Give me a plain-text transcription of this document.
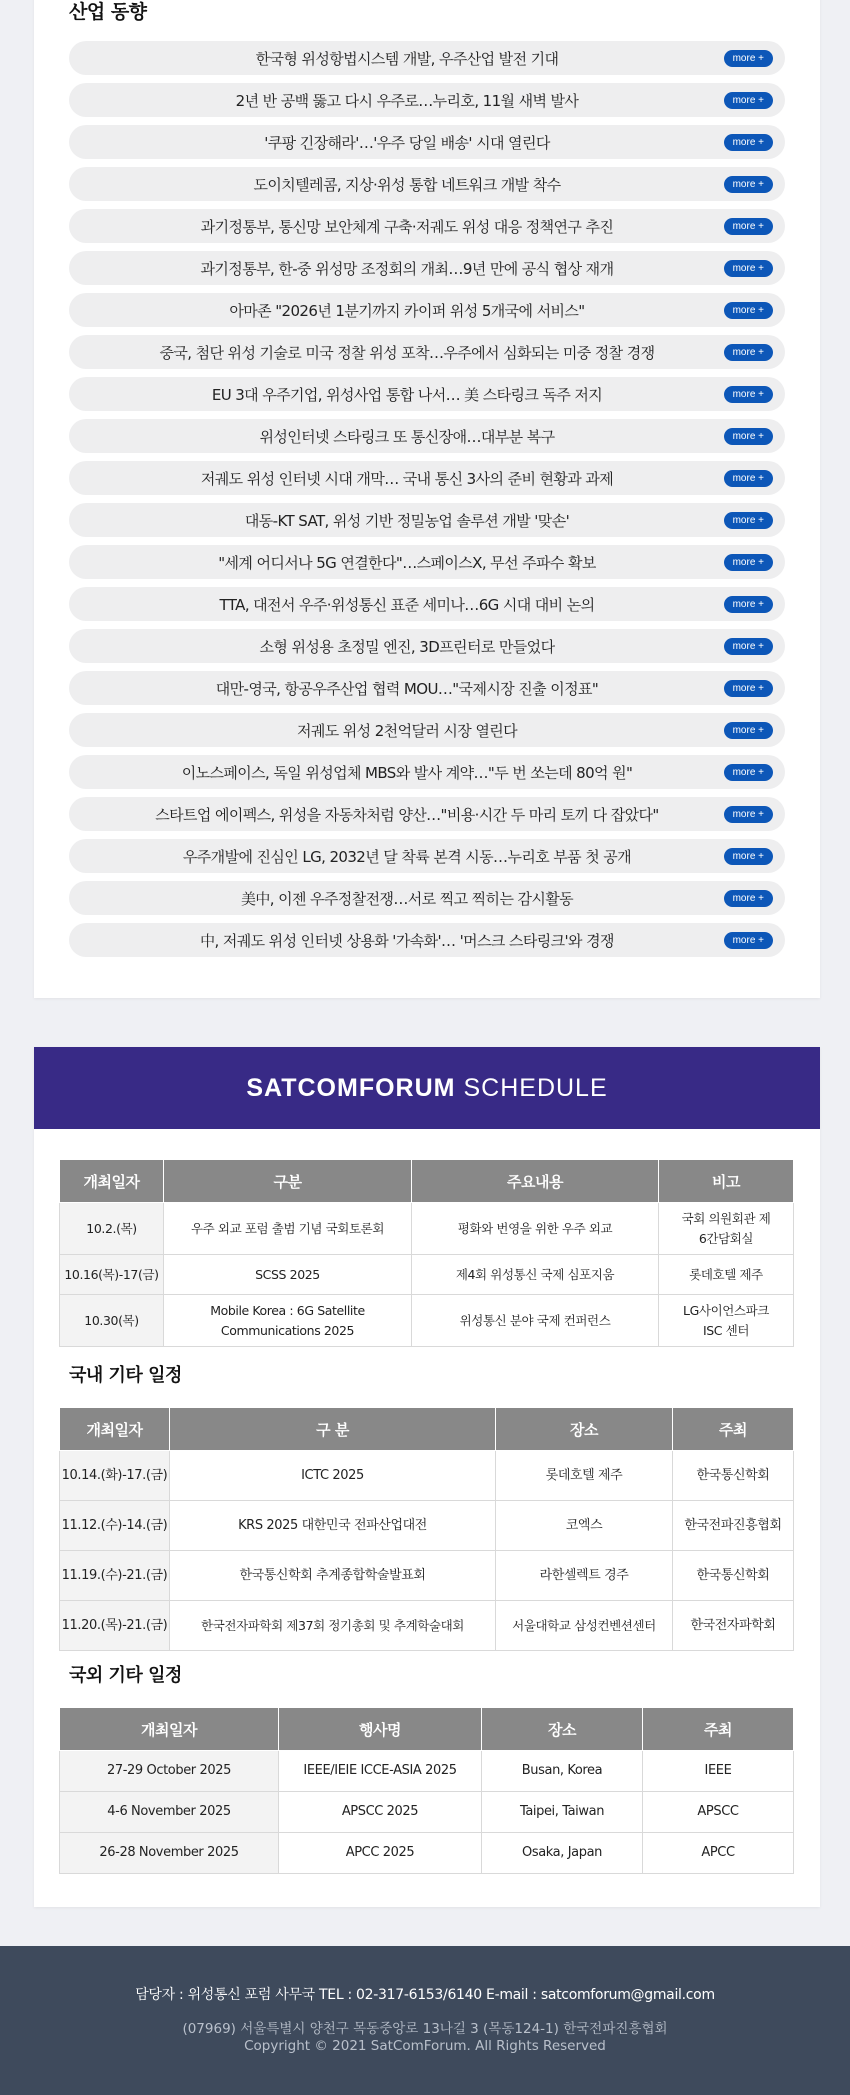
산업 동향
한국형 위성항법시스템 개발, 우주산업 발전 기대	more +
2년 반 공백 뚫고 다시 우주로…누리호, 11월 새벽 발사	more +
'쿠팡 긴장해라'…'우주 당일 배송' 시대 열린다	more +
도이치텔레콤, 지상·위성 통합 네트워크 개발 착수	more +
과기정통부, 통신망 보안체계 구축·저궤도 위성 대응 정책연구 추진	more +
과기정통부, 한-중 위성망 조정회의 개최…9년 만에 공식 협상 재개	more +
아마존 "2026년 1분기까지 카이퍼 위성 5개국에 서비스"	more +
중국, 첨단 위성 기술로 미국 정찰 위성 포착…우주에서 심화되는 미중 정찰 경쟁	more +
EU 3대 우주기업, 위성사업 통합 나서… 美 스타링크 독주 저지	more +
위성인터넷 스타링크 또 통신장애…대부분 복구	more +
저궤도 위성 인터넷 시대 개막… 국내 통신 3사의 준비 현황과 과제	more +
대동-KT SAT, 위성 기반 정밀농업 솔루션 개발 '맞손'	more +
"세계 어디서나 5G 연결한다"…스페이스X, 무선 주파수 확보	more +
TTA, 대전서 우주·위성통신 표준 세미나…6G 시대 대비 논의	more +
소형 위성용 초정밀 엔진, 3D프린터로 만들었다	more +
대만-영국, 항공우주산업 협력 MOU…"국제시장 진출 이정표"	more +
저궤도 위성 2천억달러 시장 열린다	more +
이노스페이스, 독일 위성업체 MBS와 발사 계약…"두 번 쏘는데 80억 원"	more +
스타트업 에이펙스, 위성을 자동차처럼 양산…"비용·시간 두 마리 토끼 다 잡았다"	more +
우주개발에 진심인 LG, 2032년 달 착륙 본격 시동…누리호 부품 첫 공개	more +
美中, 이젠 우주정찰전쟁…서로 찍고 찍히는 감시활동	more +
中, 저궤도 위성 인터넷 상용화 '가속화'… '머스크 스타링크'와 경쟁	more +
SATCOMFORUM SCHEDULE
개최일자	구분	주요내용	비고
10.2.(목)	우주 외교 포럼 출범 기념 국회토론회	평화와 번영을 위한 우주 외교	국회 의원회관 제6간담회실
10.16(목)-17(금)	SCSS 2025	제4회 위성통신 국제 심포지움	롯데호텔 제주
10.30(목)	Mobile Korea : 6G Satellite Communications 2025	위성통신 분야 국제 컨퍼런스	LG사이언스파크 ISC 센터
국내 기타 일정
개최일자	구 분	장소	주최
10.14.(화)-17.(금)	ICTC 2025	롯데호텔 제주	한국통신학회
11.12.(수)-14.(금)	KRS 2025 대한민국 전파산업대전	코엑스	한국전파진흥협회
11.19.(수)-21.(금)	한국통신학회 추계종합학술발표회	라한셀렉트 경주	한국통신학회
11.20.(목)-21.(금)	한국전자파학회 제37회 정기총회 및 추계학술대회	서울대학교 삼성컨벤션센터	한국전자파학회
국외 기타 일정
개최일자	행사명	장소	주최
27-29 October 2025	IEEE/IEIE ICCE-ASIA 2025	Busan, Korea	IEEE
4-6 November 2025	APSCC 2025	Taipei, Taiwan	APSCC
26-28 November 2025	APCC 2025	Osaka, Japan	APCC
담당자 : 위성통신 포럼 사무국 TEL : 02-317-6153/6140 E-mail : satcomforum@gmail.com
(07969) 서울특별시 양천구 목동중앙로 13나길 3 (목동124-1) 한국전파진흥협회
Copyright © 2021 SatComForum. All Rights Reserved
